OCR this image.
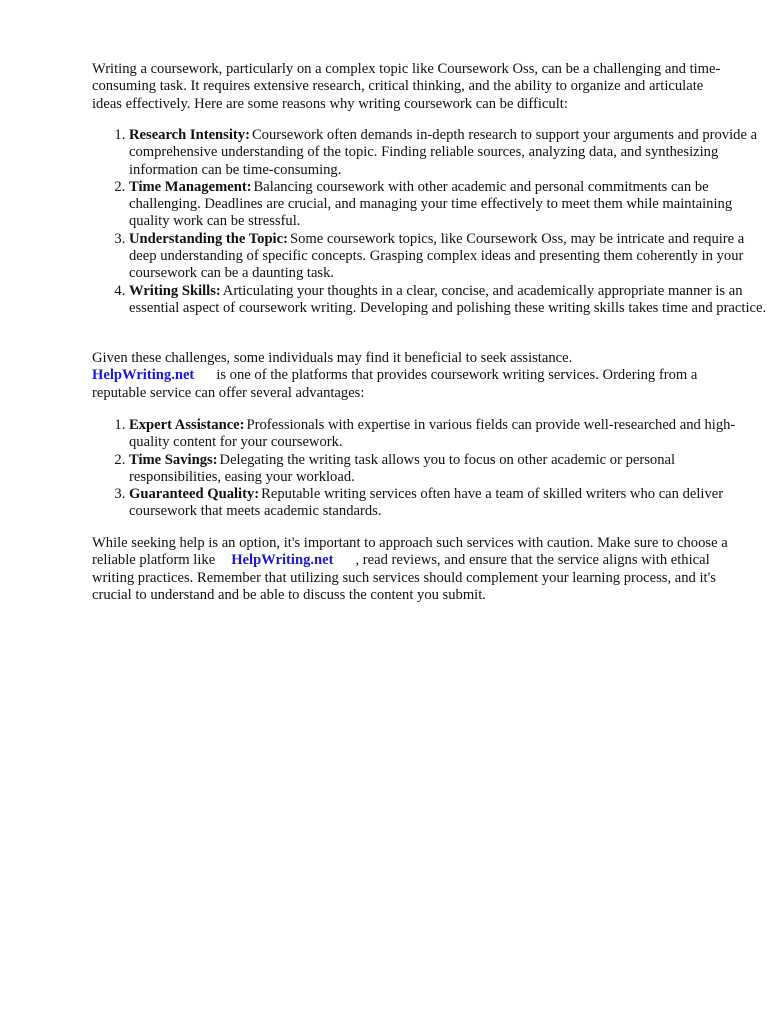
Writing a coursework, particularly on a complex topic like Coursework Oss, can be a challenging and time-consuming task. It requires extensive research, critical thinking, and the ability to organize and articulate ideas effectively. Here are some reasons why writing coursework can be difficult:

1. Research Intensity: Coursework often demands in-depth research to support your arguments and provide a comprehensive understanding of the topic. Finding reliable sources, analyzing data, and synthesizing information can be time-consuming.
2. Time Management: Balancing coursework with other academic and personal commitments can be challenging. Deadlines are crucial, and managing your time effectively to meet them while maintaining quality work can be stressful.
3. Understanding the Topic: Some coursework topics, like Coursework Oss, may be intricate and require a deep understanding of specific concepts. Grasping complex ideas and presenting them coherently in your coursework can be a daunting task.
4. Writing Skills: Articulating your thoughts in a clear, concise, and academically appropriate manner is an essential aspect of coursework writing. Developing and polishing these writing skills takes time and practice.

Given these challenges, some individuals may find it beneficial to seek assistance.
HelpWriting.net is one of the platforms that provides coursework writing services. Ordering from a reputable service can offer several advantages:

1. Expert Assistance: Professionals with expertise in various fields can provide well-researched and high-quality content for your coursework.
2. Time Savings: Delegating the writing task allows you to focus on other academic or personal responsibilities, easing your workload.
3. Guaranteed Quality: Reputable writing services often have a team of skilled writers who can deliver coursework that meets academic standards.

While seeking help is an option, it's important to approach such services with caution. Make sure to choose a reliable platform like HelpWriting.net , read reviews, and ensure that the service aligns with ethical writing practices. Remember that utilizing such services should complement your learning process, and it's crucial to understand and be able to discuss the content you submit.
